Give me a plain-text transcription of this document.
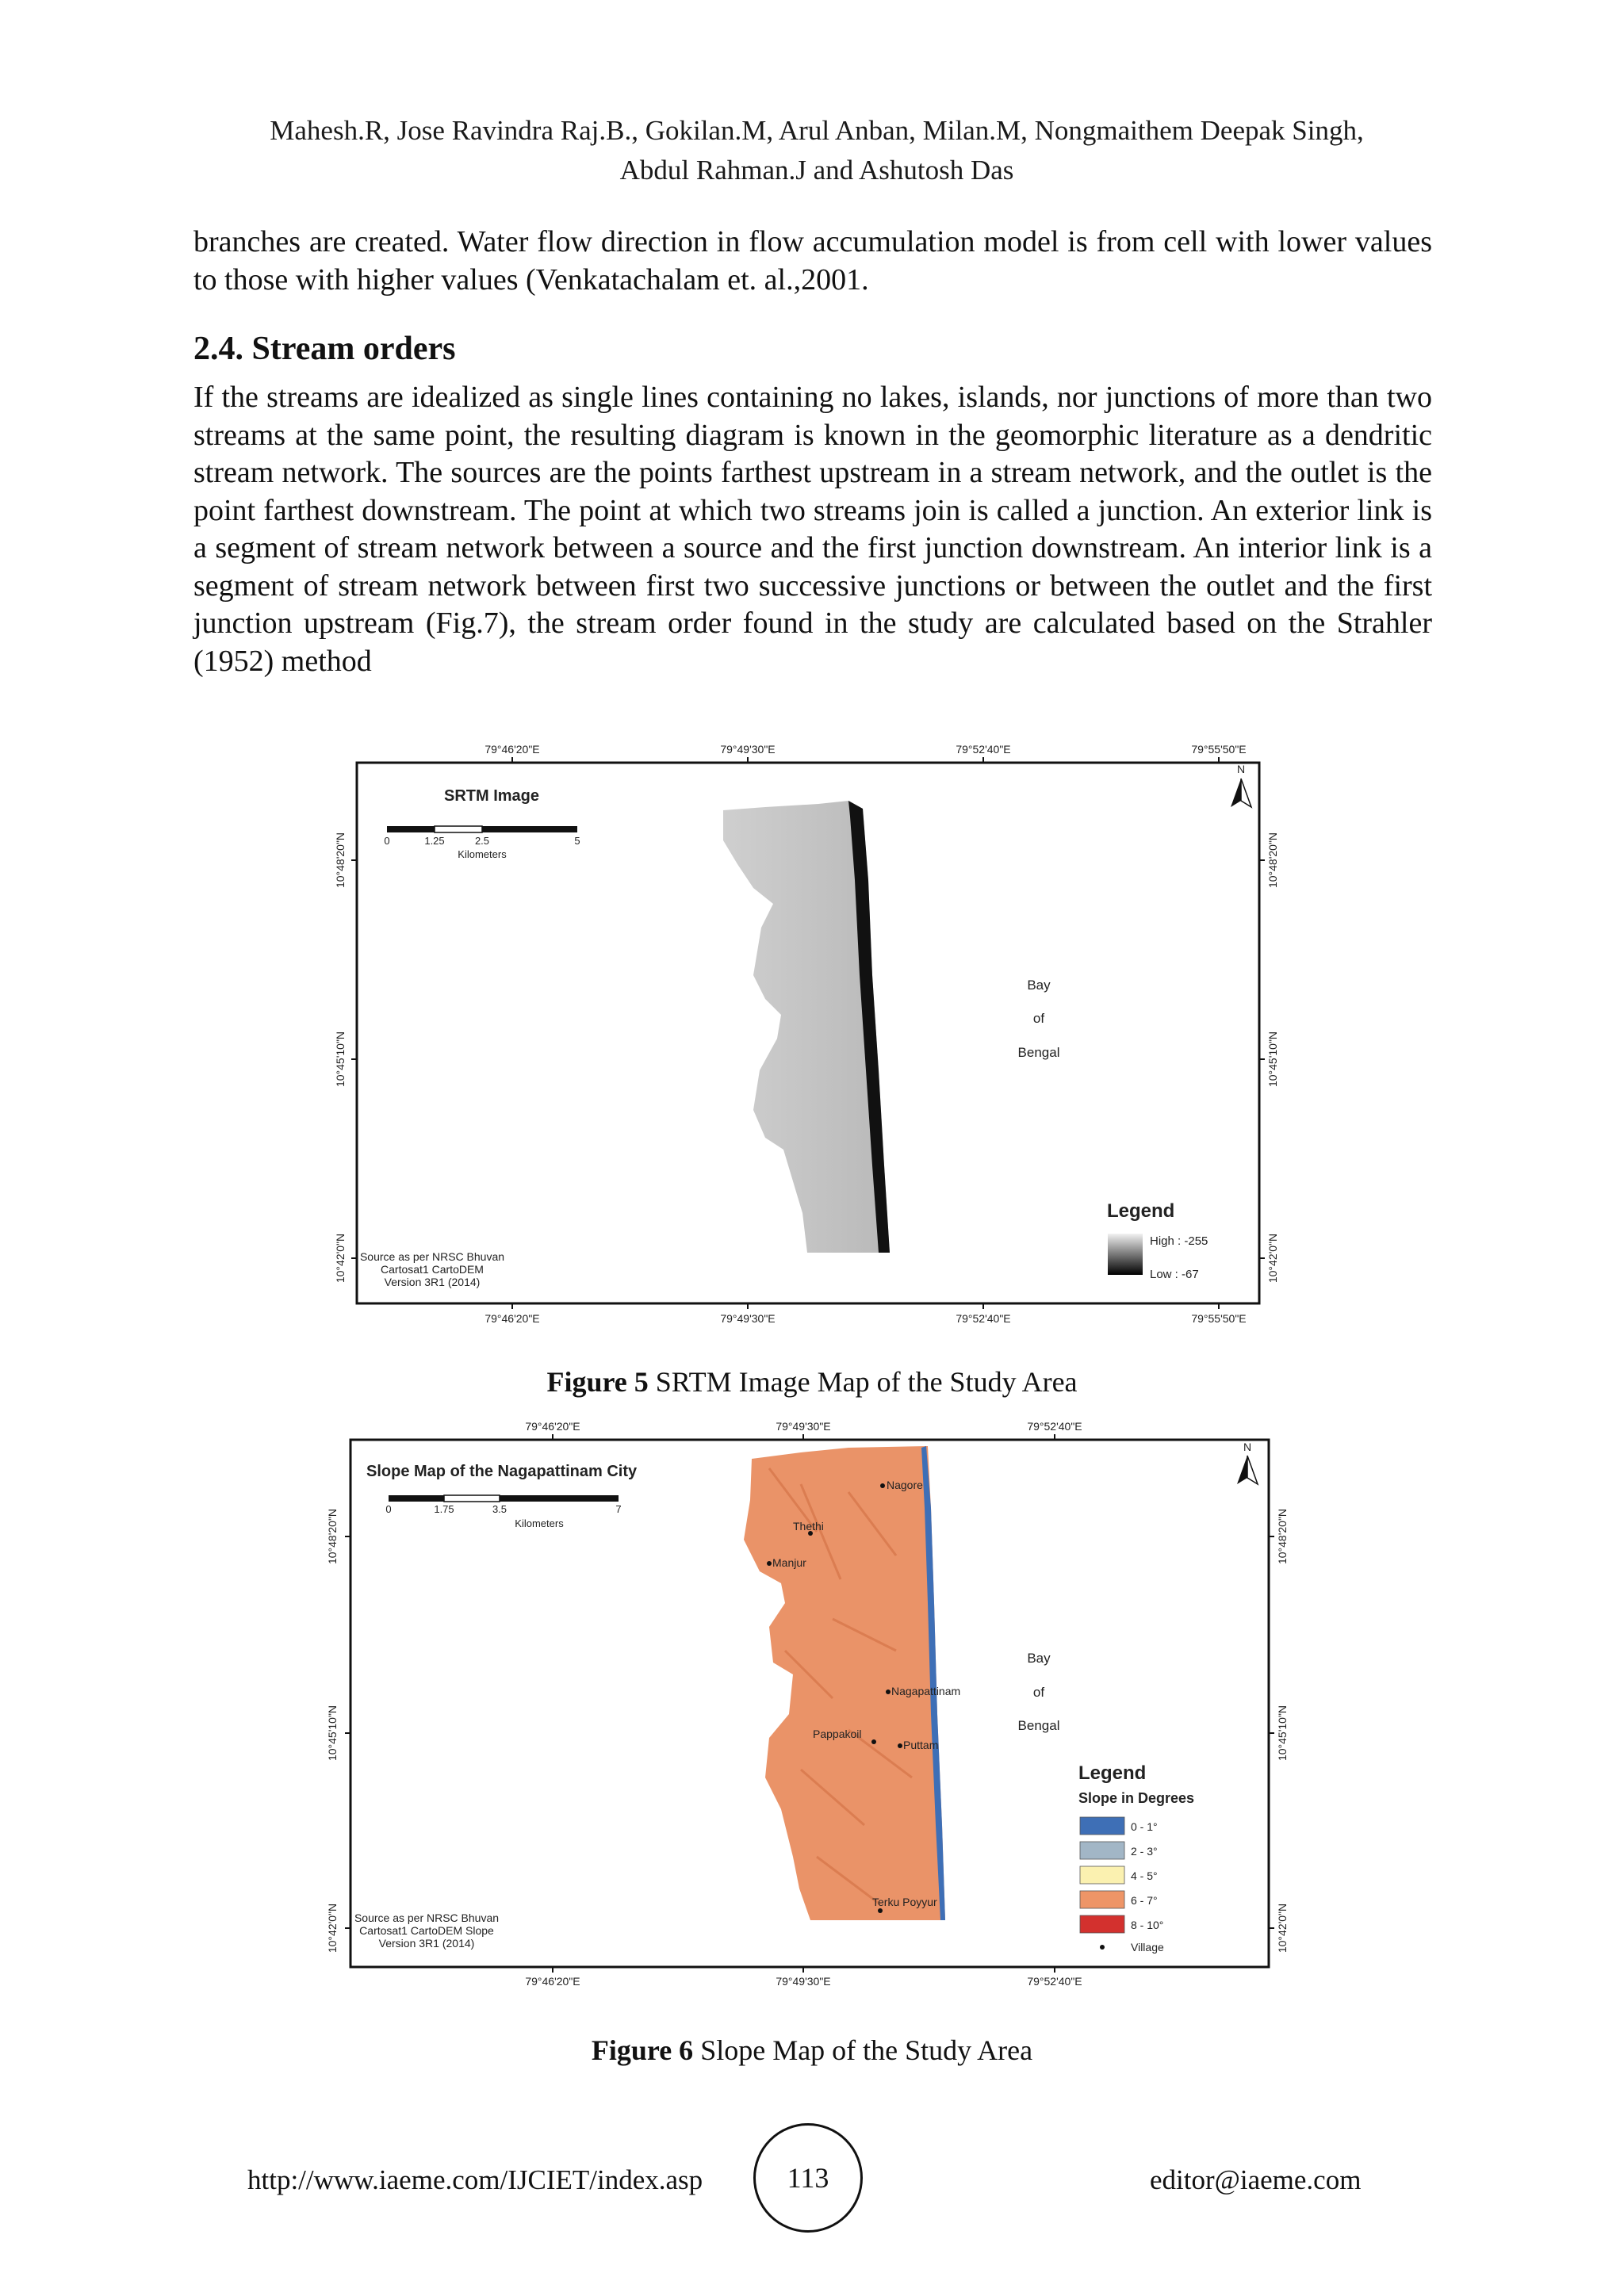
Mahesh.R, Jose Ravindra Raj.B., Gokilan.M, Arul Anban, Milan.M, Nongmaithem Deepak Singh,
Abdul Rahman.J and Ashutosh Das

branches are created. Water flow direction in flow accumulation model is from cell with lower values to those with higher values (Venkatachalam et. al.,2001.

2.4. Stream orders

If the streams are idealized as single lines containing no lakes, islands, nor junctions of more than two streams at the same point, the resulting diagram is known in the geomorphic literature as a dendritic stream network. The sources are the points farthest upstream in a stream network, and the outlet is the point farthest downstream. The point at which two streams join is called a junction. An exterior link is a segment of stream network between a source and the first junction downstream. An interior link is a segment of stream network between first two successive junctions or between the outlet and the first junction upstream (Fig.7), the stream order found in the study are calculated based on the Strahler (1952) method

79°46'20"E	79°49'30"E	79°52'40"E	79°55'50"E
79°46'20"E	79°49'30"E	79°52'40"E	79°55'50"E
10°48'20"N
10°45'10"N
10°42'0"N
10°48'20"N
10°45'10"N
10°42'0"N
SRTM Image
0	1.25	2.5	5
Kilometers
N
Bay
of
Bengal
Legend
High : -255
Low : -67
Source as per NRSC Bhuvan
Cartosat1 CartoDEM
Version 3R1 (2014)
Figure 5 SRTM Image Map of the Study Area
79°46'20"E	79°49'30"E	79°52'40"E
79°46'20"E	79°49'30"E	79°52'40"E
10°48'20"N
10°45'10"N
10°42'0"N
10°48'20"N
10°45'10"N
10°42'0"N
Slope Map of the Nagapattinam City
0	1.75	3.5	7
Kilometers
N
Nagore
Thethi
Manjur
Nagapattinam
Pappakoil
Puttam
Terku Poyyur
Bay
of
Bengal
Legend
Slope in Degrees
0 - 1°
2 - 3°
4 - 5°
6 - 7°
8 - 10°
Village
Source as per NRSC Bhuvan
Cartosat1 CartoDEM Slope
Version 3R1 (2014)
Figure 6 Slope Map of the Study Area
http://www.iaeme.com/IJCIET/index.asp	113	editor@iaeme.com
